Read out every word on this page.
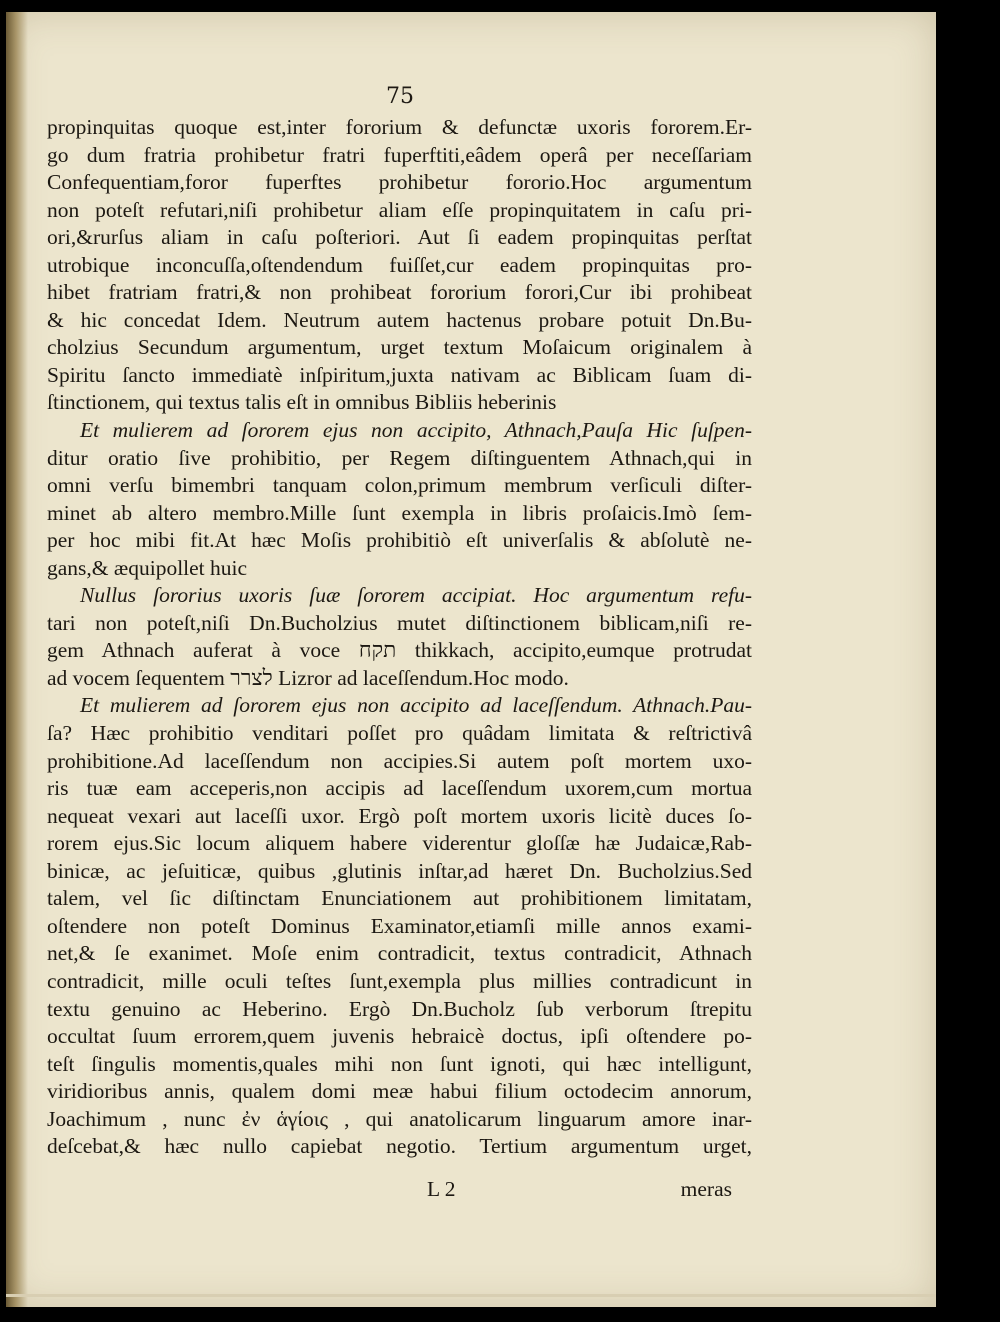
75
propinquitas quoque est,inter fororium & defunctæ uxoris fororem.Er-
go dum fratria prohibetur fratri fuperftiti,eâdem operâ per neceſſariam
Confequentiam,foror fuperftes prohibetur fororio.Hoc argumentum
non poteſt refutari,niſi prohibetur aliam eſſe propinquitatem in caſu pri-
ori,&rurſus aliam in caſu poſteriori. Aut ſi eadem propinquitas perſtat
utrobique inconcuſſa,oſtendendum fuiſſet,cur eadem propinquitas pro-
hibet fratriam fratri,& non prohibeat fororium forori,Cur ibi prohibeat
& hic concedat Idem. Neutrum autem hactenus probare potuit Dn.Bu-
cholzius Secundum argumentum, urget textum Moſaicum originalem à
Spiritu ſancto immediatè inſpiritum,juxta nativam ac Biblicam ſuam di-
ſtinctionem, qui textus talis eſt in omnibus Bibliis heberinis
Et mulierem ad ſororem ejus non accipito, Athnach,Pauſa Hic ſuſpen-
ditur oratio ſive prohibitio, per Regem diſtinguentem Athnach,qui in
omni verſu bimembri tanquam colon,primum membrum verſiculi diſter-
minet ab altero membro.Mille ſunt exempla in libris proſaicis.Imò ſem-
per hoc mibi fit.At hæc Moſis prohibitiò eſt univerſalis & abſolutè ne-
gans,& æquipollet huic
Nullus ſororius uxoris ſuæ ſororem accipiat. Hoc argumentum refu-
tari non poteſt,niſi Dn.Bucholzius mutet diſtinctionem biblicam,niſi re-
gem Athnach auferat à voce תקח thikkach, accipito,eumque protrudat
ad vocem ſequentem לצרר Lizror ad laceſſendum.Hoc modo.
Et mulierem ad ſororem ejus non accipito ad laceſſendum. Athnach.Pau-
ſa? Hæc prohibitio venditari poſſet pro quâdam limitata & reſtrictivâ
prohibitione.Ad laceſſendum non accipies.Si autem poſt mortem uxo-
ris tuæ eam acceperis,non accipis ad laceſſendum uxorem,cum mortua
nequeat vexari aut laceſſi uxor. Ergò poſt mortem uxoris licitè duces ſo-
rorem ejus.Sic locum aliquem habere viderentur gloſſæ hæ Judaicæ,Rab-
binicæ, ac jeſuiticæ, quibus ,glutinis inſtar,ad hæret Dn. Bucholzius.Sed
talem, vel ſic diſtinctam Enunciationem aut prohibitionem limitatam,
oſtendere non poteſt Dominus Examinator,etiamſi mille annos exami-
net,& ſe exanimet. Moſe enim contradicit, textus contradicit, Athnach
contradicit, mille oculi teſtes ſunt,exempla plus millies contradicunt in
textu genuino ac Heberino. Ergò Dn.Bucholz ſub verborum ſtrepitu
occultat ſuum errorem,quem juvenis hebraicè doctus, ipſi oſtendere po-
teſt ſingulis momentis,quales mihi non ſunt ignoti, qui hæc intelligunt,
viridioribus annis, qualem domi meæ habui filium octodecim annorum,
Joachimum , nunc ἐν ἁγίοις , qui anatolicarum linguarum amore inar-
deſcebat,& hæc nullo capiebat negotio. Tertium argumentum urget,
L 2	meras
